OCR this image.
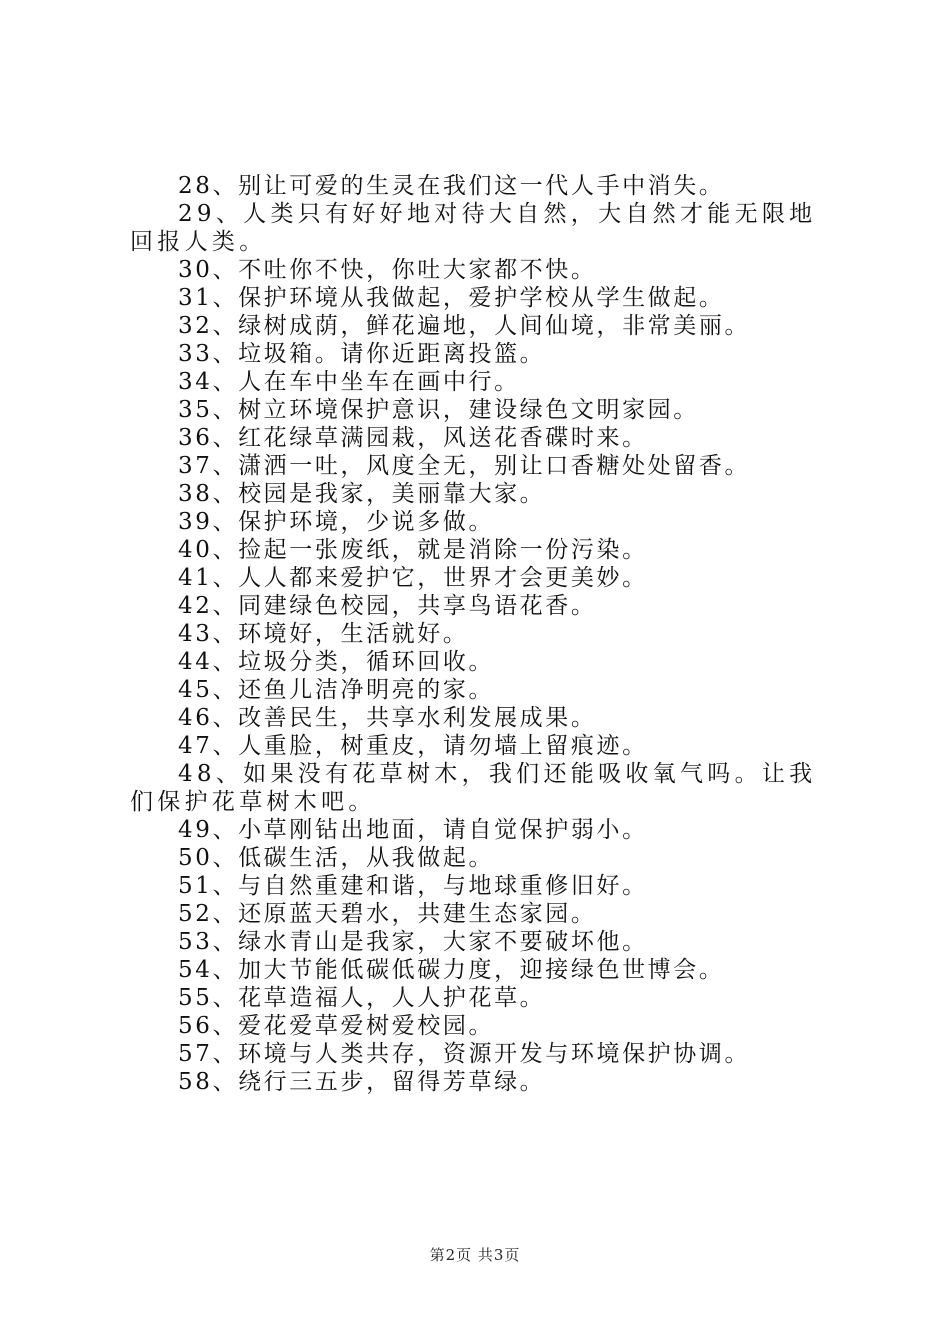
28、别让可爱的生灵在我们这一代人手中消失。
29、人类只有好好地对待大自然，大自然才能无限地回报人类。
30、不吐你不快，你吐大家都不快。
31、保护环境从我做起，爱护学校从学生做起。
32、绿树成荫，鲜花遍地，人间仙境，非常美丽。
33、垃圾箱。请你近距离投篮。
34、人在车中坐车在画中行。
35、树立环境保护意识，建设绿色文明家园。
36、红花绿草满园栽，风送花香碟时来。
37、潇洒一吐，风度全无，别让口香糖处处留香。
38、校园是我家，美丽靠大家。
39、保护环境，少说多做。
40、捡起一张废纸，就是消除一份污染。
41、人人都来爱护它，世界才会更美妙。
42、同建绿色校园，共享鸟语花香。
43、环境好，生活就好。
44、垃圾分类，循环回收。
45、还鱼儿洁净明亮的家。
46、改善民生，共享水利发展成果。
47、人重脸，树重皮，请勿墙上留痕迹。
48、如果没有花草树木，我们还能吸收氧气吗。让我们保护花草树木吧。
49、小草刚钻出地面，请自觉保护弱小。
50、低碳生活，从我做起。
51、与自然重建和谐，与地球重修旧好。
52、还原蓝天碧水，共建生态家园。
53、绿水青山是我家，大家不要破坏他。
54、加大节能低碳低碳力度，迎接绿色世博会。
55、花草造福人，人人护花草。
56、爱花爱草爱树爱校园。
57、环境与人类共存，资源开发与环境保护协调。
58、绕行三五步，留得芳草绿。
第2页 共3页
